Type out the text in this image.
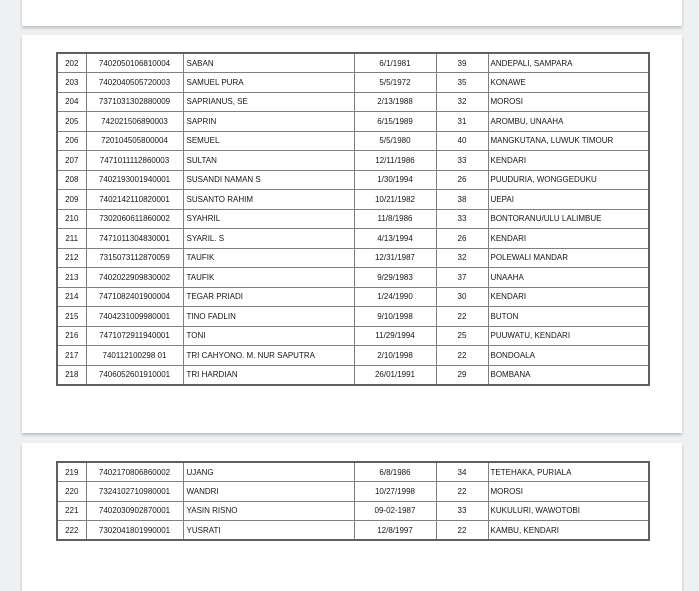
202	7402050106810004	SABAN	6/1/1981	39	ANDEPALI, SAMPARA
203	7402040505720003	SAMUEL PURA	5/5/1972	35	KONAWE
204	7371031302880009	SAPRIANUS, SE	2/13/1988	32	MOROSI
205	742021506890003	SAPRIN	6/15/1989	31	AROMBU, UNAAHA
206	720104505800004	SEMUEL	5/5/1980	40	MANGKUTANA, LUWUK TIMOUR
207	7471011112860003	SULTAN	12/11/1986	33	KENDARI
208	7402193001940001	SUSANDI NAMAN S	1/30/1994	26	PUUDURIA, WONGGEDUKU
209	7402142110820001	SUSANTO RAHIM	10/21/1982	38	UEPAI
210	7302060611860002	SYAHRIL	11/8/1986	33	BONTORANU/ULU LALIMBUE
211	7471011304830001	SYARIL. S	4/13/1994	26	KENDARI
212	7315073112870059	TAUFIK	12/31/1987	32	POLEWALI MANDAR
213	7402022909830002	TAUFIK	9/29/1983	37	UNAAHA
214	7471082401900004	TEGAR PRIADI	1/24/1990	30	KENDARI
215	7404231009980001	TINO FADLIN	9/10/1998	22	BUTON
216	7471072911940001	TONI	11/29/1994	25	PUUWATU, KENDARI
217	740112100298 01	TRI CAHYONO. M. NUR SAPUTRA	2/10/1998	22	BONDOALA
218	7406052601910001	TRI HARDIAN	26/01/1991	29	BOMBANA
219	7402170806860002	UJANG	6/8/1986	34	TETEHAKA, PURIALA
220	7324102710980001	WANDRI	10/27/1998	22	MOROSI
221	7402030902870001	YASIN RISNO	09-02-1987	33	KUKULURI, WAWOTOBI
222	7302041801990001	YUSRATI	12/8/1997	22	KAMBU, KENDARI
